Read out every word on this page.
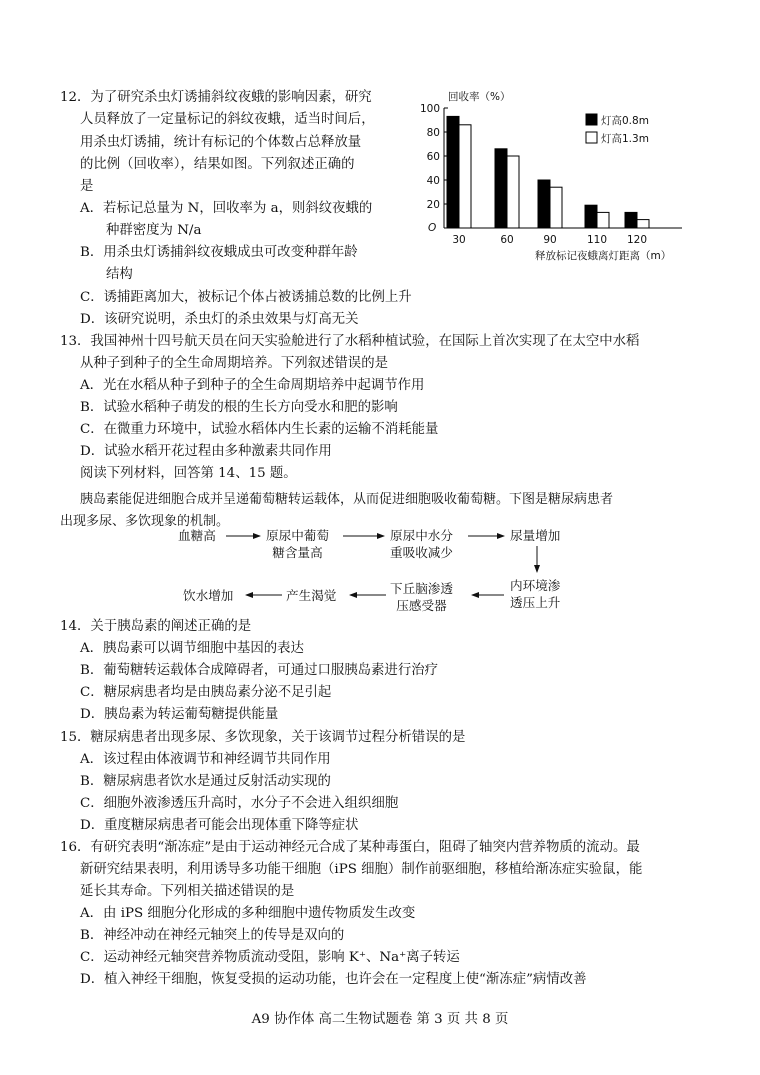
12．为了研究杀虫灯诱捕斜纹夜蛾的影响因素，研究
人员释放了一定量标记的斜纹夜蛾，适当时间后，
用杀虫灯诱捕，统计有标记的个体数占总释放量
的比例（回收率），结果如图。下列叙述正确的
是
A．若标记总量为 N，回收率为 a，则斜纹夜蛾的
种群密度为 N/a
B．用杀虫灯诱捕斜纹夜蛾成虫可改变种群年龄
结构
C．诱捕距离加大，被标记个体占被诱捕总数的比例上升
D．该研究说明，杀虫灯的杀虫效果与灯高无关
回收率（%）
O
20
40
60
80
100
30	60	90	110 120
灯高0.8m
灯高1.3m
释放标记夜蛾离灯距离（m）
13．我国神州十四号航天员在问天实验舱进行了水稻种植试验，在国际上首次实现了在太空中水稻
从种子到种子的全生命周期培养。下列叙述错误的是
A．光在水稻从种子到种子的全生命周期培养中起调节作用
B．试验水稻种子萌发的根的生长方向受水和肥的影响
C．在微重力环境中，试验水稻体内生长素的运输不消耗能量
D．试验水稻开花过程由多种激素共同作用
阅读下列材料，回答第 14、15 题。
胰岛素能促进细胞合成并呈递葡萄糖转运载体，从而促进细胞吸收葡萄糖。下图是糖尿病患者
出现多尿、多饮现象的机制。
血糖高	原尿中葡萄
糖含量高
原尿中水分
重吸收减少
尿量增加
内环境渗
透压上升
下丘脑渗透
压感受器
产生渴觉
饮水增加
14．关于胰岛素的阐述正确的是
A．胰岛素可以调节细胞中基因的表达
B．葡萄糖转运载体合成障碍者，可通过口服胰岛素进行治疗
C．糖尿病患者均是由胰岛素分泌不足引起
D．胰岛素为转运葡萄糖提供能量
15．糖尿病患者出现多尿、多饮现象，关于该调节过程分析错误的是
A．该过程由体液调节和神经调节共同作用
B．糖尿病患者饮水是通过反射活动实现的
C．细胞外液渗透压升高时，水分子不会进入组织细胞
D．重度糖尿病患者可能会出现体重下降等症状
16．有研究表明“渐冻症”是由于运动神经元合成了某种毒蛋白，阻碍了轴突内营养物质的流动。最
新研究结果表明，利用诱导多功能干细胞（iPS 细胞）制作前驱细胞，移植给渐冻症实验鼠，能
延长其寿命。下列相关描述错误的是
A．由 iPS 细胞分化形成的多种细胞中遗传物质发生改变
B．神经冲动在神经元轴突上的传导是双向的
C．运动神经元轴突营养物质流动受阻，影响 K⁺、Na⁺离子转运
D．植入神经干细胞，恢复受损的运动功能，也许会在一定程度上使“渐冻症”病情改善
A9 协作体 高二生物试题卷 第 3 页 共 8 页
